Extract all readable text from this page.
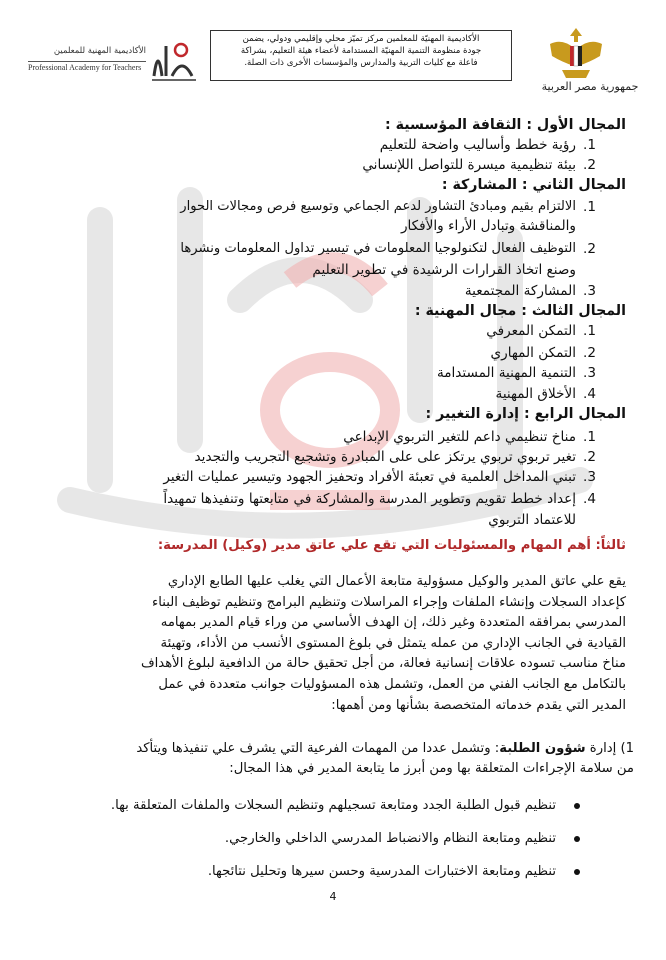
جمهورية مصر العربية
الأكاديمية المهنيّة للمعلمين مركز تميّز محلي وإقليمي ودولي، يضمن
جودة منظومة التنمية المهنيّة المستدامة لأعضاء هيئة التعليم، بشراكة
فاعلة مع كليات التربية والمدارس والمؤسسات الأخرى ذات الصلة.
الأكاديمية المهنية للمعلمين
Professional Academy for Teachers
المجال الأول : الثقافة المؤسسية :
1.
رؤية خطط وأساليب واضحة للتعليم
2.
بيئة تنظيمية ميسرة للتواصل اللإنساني
المجال الثاني : المشاركة :
1.
الالتزام بقيم ومبادئ التشاور لدعم الجماعي وتوسيع فرص ومجالات الحوار
والمناقشة وتبادل الأراء والأفكار
2.
التوظيف الفعال لتكنولوجيا المعلومات في تيسير تداول المعلومات ونشرها
وصنع اتخاذ القرارات الرشيدة في تطوير التعليم
3.
المشاركة المجتمعية
المجال الثالث : مجال المهنية :
1.
التمكن المعرفي
2.
التمكن المهاري
3.
التنمية المهنية المستدامة
4.
الأخلاق المهنية
المجال الرابع : إدارة التغيير :
1.
مناخ تنظيمي داعم للتغير التربوي الإبداعي
2.
تغير تربوي تربوي يرتكز على على المبادرة وتشجيع التجريب والتجديد
3.
تبني المداخل العلمية في تعبئة الأفراد وتحفيز الجهود وتيسير عمليات التغير
4.
إعداد خطط تقويم وتطوير المدرسة والمشاركة في متابعتها وتنفيذها تمهيداً
للاعتماد التربوي
ثالثاً: أهم المهام والمسئوليات التي تقع علي عاتق مدير (وكيل) المدرسة:
يقع علي عاتق المدير والوكيل مسؤولية متابعة الأعمال التي يغلب عليها الطابع الإداري
كإعداد السجلات وإنشاء الملفات وإجراء المراسلات وتنظيم البرامج وتنظيم توظيف البناء
المدرسي بمرافقه المتعددة وغير ذلك، إن الهدف الأساسي من وراء قيام المدير بمهامه
القيادية في الجانب الإداري من عمله يتمثل في بلوغ المستوى الأنسب من الأداء، وتهيئة
مناخ مناسب تسوده علاقات إنسانية فعالة، من أجل تحقيق حالة من الدافعية لبلوغ الأهداف
بالتكامل مع الجانب الفني من العمل، وتشمل هذه المسؤوليات جوانب متعددة في عمل
المدير التي يقدم خدماته المتخصصة بشأنها ومن أهمها:
1) إدارة شؤون الطلبة: وتشمل عددا من المهمات الفرعية التي يشرف علي تنفيذها ويتأكد
من سلامة الإجراءات المتعلقة بها ومن أبرز ما يتابعة المدير في هذا المجال:
تنظيم قبول الطلبة الجدد ومتابعة تسجيلهم وتنظيم السجلات والملفات المتعلقة بها.
تنظيم ومتابعة النظام والانضباط المدرسي الداخلي والخارجي.
تنظيم ومتابعة الاختبارات المدرسية وحسن سيرها وتحليل نتائجها.
4
